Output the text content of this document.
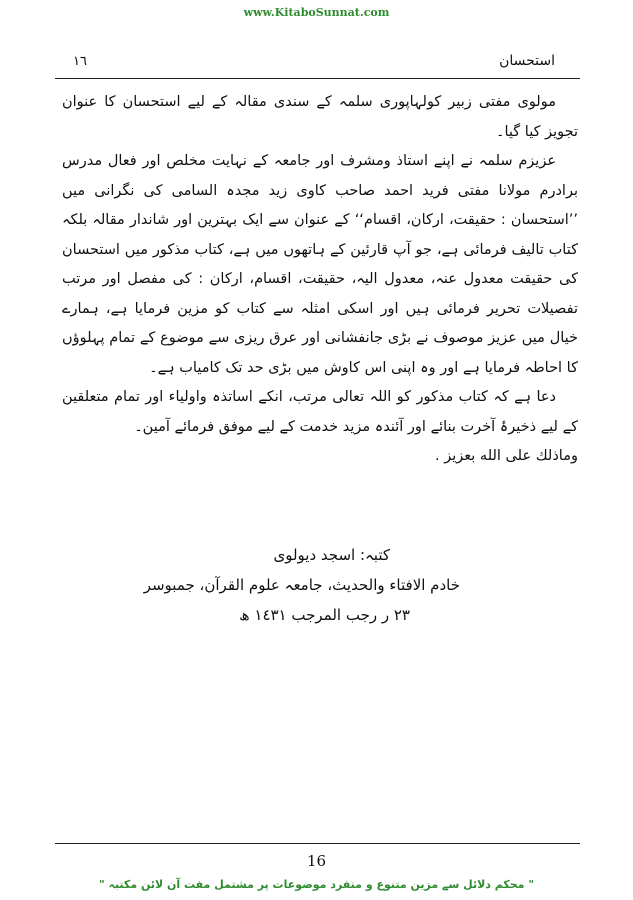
www.KitaboSunnat.com
١٦	استحسان

مولوی مفتی زبیر کولہاپوری سلمہ کے سندی مقالہ کے لیے استحسان کا عنوان تجویز کیا گیا۔

عزیزم سلمہ نے اپنے استاذ ومشرف اور جامعہ کے نہایت مخلص اور فعال مدرس برادرم مولانا مفتی فرید احمد صاحب کاوی زید مجدہ السامی کی نگرانی میں ’’استحسان : حقیقت، ارکان، اقسام‘‘ کے عنوان سے ایک بہترین اور شاندار مقالہ بلکہ کتاب تالیف فرمائی ہے، جو آپ قارئین کے ہاتھوں میں ہے، کتاب مذکور میں استحسان کی حقیقت معدول عنہ، معدول الیہ، حقیقت، اقسام، ارکان : کی مفصل اور مرتب تفصیلات تحریر فرمائی ہیں اور اسکی امثلہ سے کتاب کو مزین فرمایا ہے، ہمارے خیال میں عزیز موصوف نے بڑی جانفشانی اور عرق ریزی سے موضوع کے تمام پہلوؤں کا احاطہ فرمایا ہے اور وہ اپنی اس کاوش میں بڑی حد تک کامیاب ہے۔

دعا ہے کہ کتاب مذکور کو اللہ تعالی مرتب، انکے اساتذہ واولیاء اور تمام متعلقین کے لیے ذخیرۂ آخرت بنائے اور آئندہ مزید خدمت کے لیے موفق فرمائے آمین۔

وماذلك على الله بعزيز .

کتبہ: اسجد دیولوی
خادم الافتاء والحدیث، جامعہ علوم القرآن، جمبوسر
٢٣ ر رجب المرجب ١٤٣١ ھ
16
" محکم دلائل سے مزین متنوع و منفرد موضوعات پر مشتمل مفت آن لائن مکتبہ "
